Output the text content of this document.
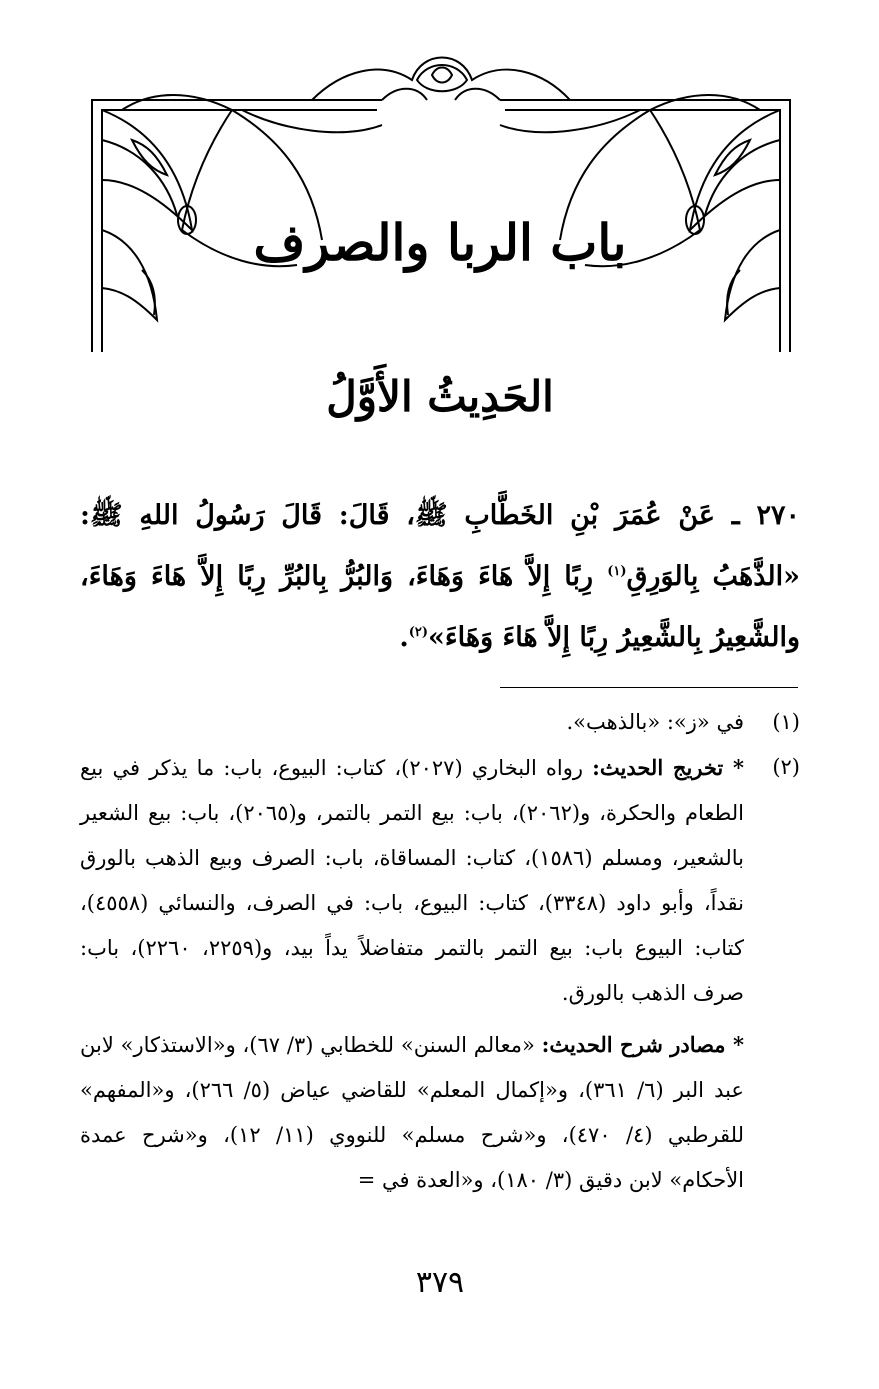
باب الربا والصرف
الحَدِيثُ الأَوَّلُ
٢٧٠ ـ عَنْ عُمَرَ بْنِ الخَطَّابِ ﷺ، قَالَ: قَالَ رَسُولُ اللهِ ﷺ: «الذَّهَبُ بِالوَرِقِ$^{(١)}$ رِبًا إِلاَّ هَاءَ وَهَاءَ، وَالبُرُّ بِالبُرِّ رِبًا إِلاَّ هَاءَ وَهَاءَ، والشَّعِيرُ بِالشَّعِيرُ رِبًا إِلاَّ هَاءَ وَهَاءَ»$^{(٢)}$.
(١)
في «ز»: «بالذهب».
(٢)

* تخريج الحديث: رواه البخاري (٢٠٢٧)، كتاب: البيوع، باب: ما يذكر في بيع الطعام والحكرة، و(٢٠٦٢)، باب: بيع التمر بالتمر، و(٢٠٦٥)، باب: بيع الشعير بالشعير، ومسلم (١٥٨٦)، كتاب: المساقاة، باب: الصرف وبيع الذهب بالورق نقداً، وأبو داود (٣٣٤٨)، كتاب: البيوع، باب: في الصرف، والنسائي (٤٥٥٨)، كتاب: البيوع باب: بيع التمر بالتمر متفاضلاً يداً بيد، و(٢٢٥٩، ٢٢٦٠)، باب: صرف الذهب بالورق.

* مصادر شرح الحديث: «معالم السنن» للخطابي (٣/ ٦٧)، و«الاستذكار» لابن عبد البر (٦/ ٣٦١)، و«إكمال المعلم» للقاضي عياض (٥/ ٢٦٦)، و«المفهم» للقرطبي (٤/ ٤٧٠)، و«شرح مسلم» للنووي (١١/ ١٢)، و«شرح عمدة الأحكام» لابن دقيق (٣/ ١٨٠)، و«العدة في =

٣٧٩
